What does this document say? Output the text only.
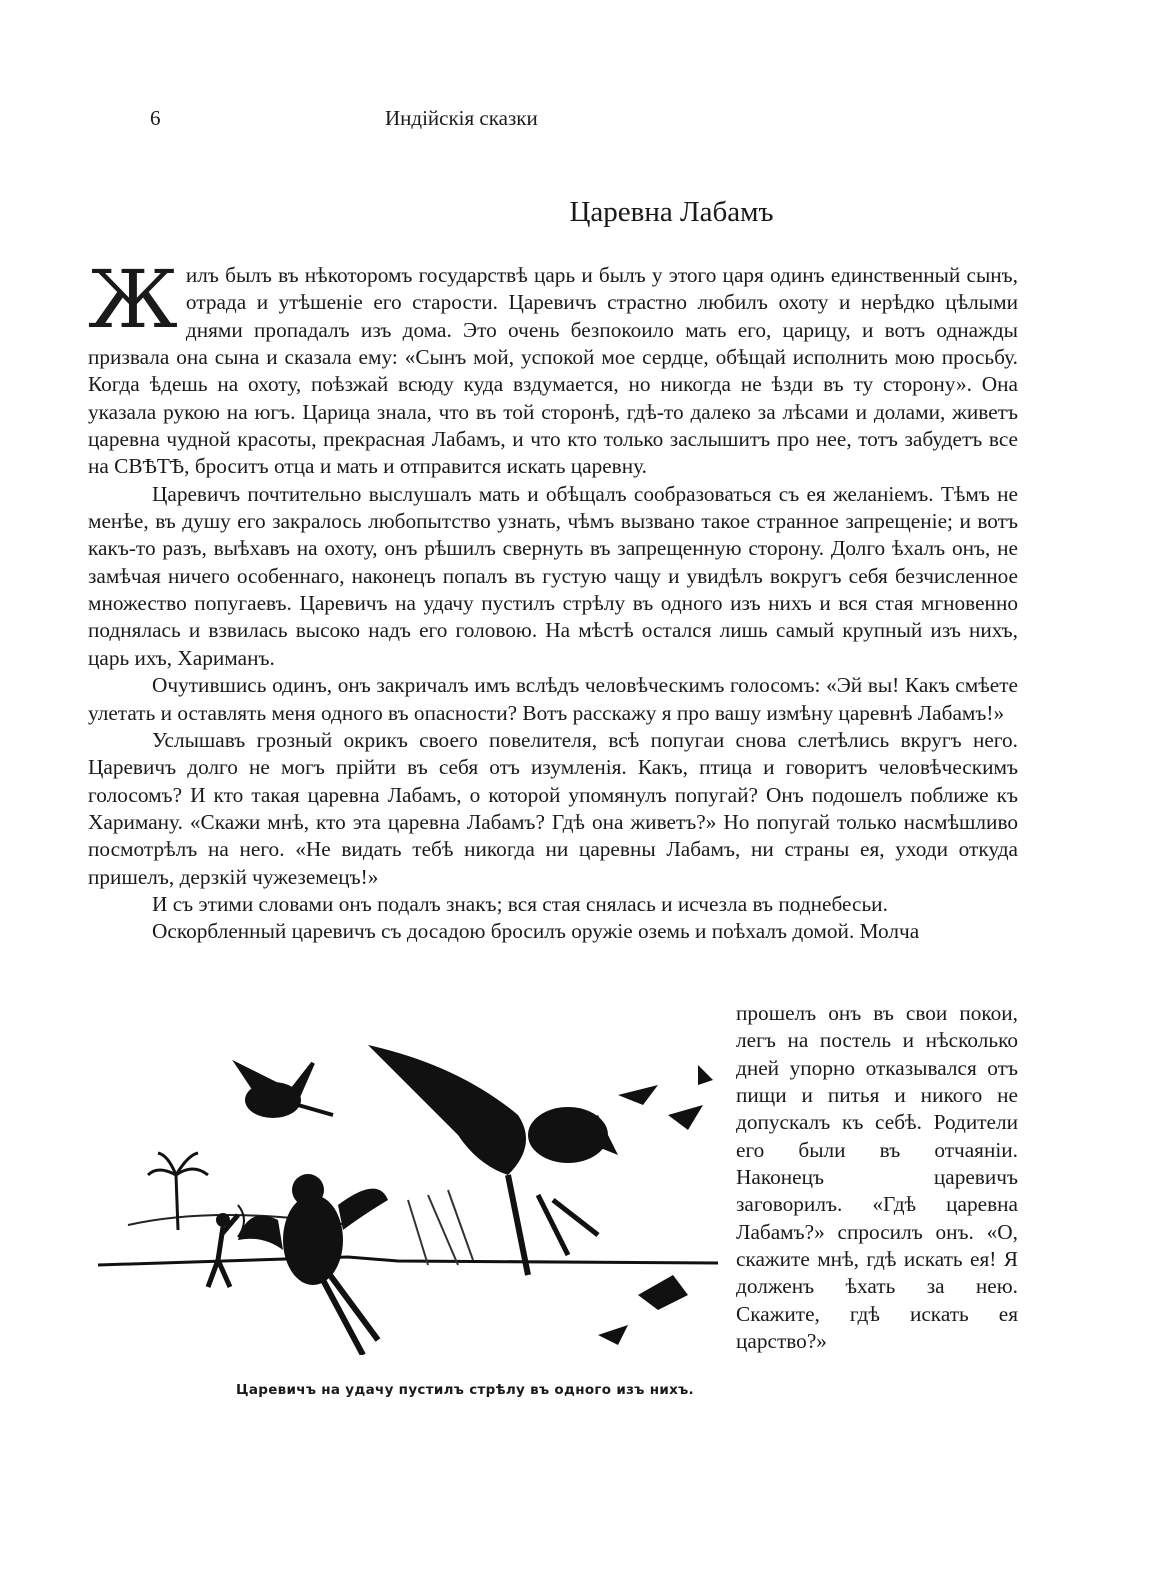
6	Индійскія сказки
Царевна Лабамъ

Жилъ былъ въ нѣкоторомъ государствѣ царь и былъ у этого царя одинъ единственный сынъ, отрада и утѣшеніе его старости. Царевичъ страстно любилъ охоту и нерѣдко цѣлыми днями пропадалъ изъ дома. Это очень безпокоило мать его, царицу, и вотъ однажды призвала она сына и сказала ему: «Сынъ мой, успокой мое сердце, обѣщай исполнить мою просьбу. Когда ѣдешь на охоту, поѣзжай всюду куда вздумается, но никогда не ѣзди въ ту сторону». Она указала рукою на югъ. Царица знала, что въ той сторонѣ, гдѣ-то далеко за лѣсами и долами, живетъ царевна чудной красоты, прекрасная Лабамъ, и что кто только заслышитъ про нее, тотъ забудетъ все на СВѢТѢ, броситъ отца и мать и отправится искать царевну.

Царевичъ почтительно выслушалъ мать и обѣщалъ сообразоваться съ ея желаніемъ. Тѣмъ не менѣе, въ душу его закралось любопытство узнать, чѣмъ вызвано такое странное запрещеніе; и вотъ какъ-то разъ, выѣхавъ на охоту, онъ рѣшилъ свернуть въ запрещенную сторону. Долго ѣхалъ онъ, не замѣчая ничего особеннаго, наконецъ попалъ въ густую чащу и увидѣлъ вокругъ себя безчисленное множество попугаевъ. Царевичъ на удачу пустилъ стрѣлу въ одного изъ нихъ и вся стая мгновенно поднялась и взвилась высоко надъ его головою. На мѣстѣ остался лишь самый крупный изъ нихъ, царь ихъ, Хариманъ.

Очутившись одинъ, онъ закричалъ имъ вслѣдъ человѣческимъ голосомъ: «Эй вы! Какъ смѣете улетать и оставлять меня одного въ опасности? Вотъ расскажу я про вашу измѣну царевнѣ Лабамъ!»

Услышавъ грозный окрикъ своего повелителя, всѣ попугаи снова слетѣлись вкругъ него. Царевичъ долго не могъ прійти въ себя отъ изумленія. Какъ, птица и говоритъ человѣческимъ голосомъ? И кто такая царевна Лабамъ, о которой упомянулъ попугай? Онъ подошелъ поближе къ Хариману. «Скажи мнѣ, кто эта царевна Лабамъ? Гдѣ она живетъ?» Но попугай только насмѣшливо посмотрѣлъ на него. «Не видать тебѣ никогда ни царевны Лабамъ, ни страны ея, уходи откуда пришелъ, дерзкій чужеземецъ!»

И съ этими словами онъ подалъ знакъ; вся стая снялась и исчезла въ поднебесьи.

Оскорбленный царевичъ съ досадою бросилъ оружіе оземь и поѣхалъ домой. Молча

Царевичъ на удачу пустилъ стрѣлу въ одного изъ нихъ.
прошелъ онъ въ свои покои, легъ на постель и нѣсколько дней упорно отказывался отъ пищи и питья и никого не допускалъ къ себѣ. Родители его были въ отчаяніи. Наконецъ царевичъ заговорилъ. «Гдѣ царевна Лабамъ?» спросилъ онъ. «О, скажите мнѣ, гдѣ искать ея! Я долженъ ѣхать за нею. Скажите, гдѣ искать ея царство?»
